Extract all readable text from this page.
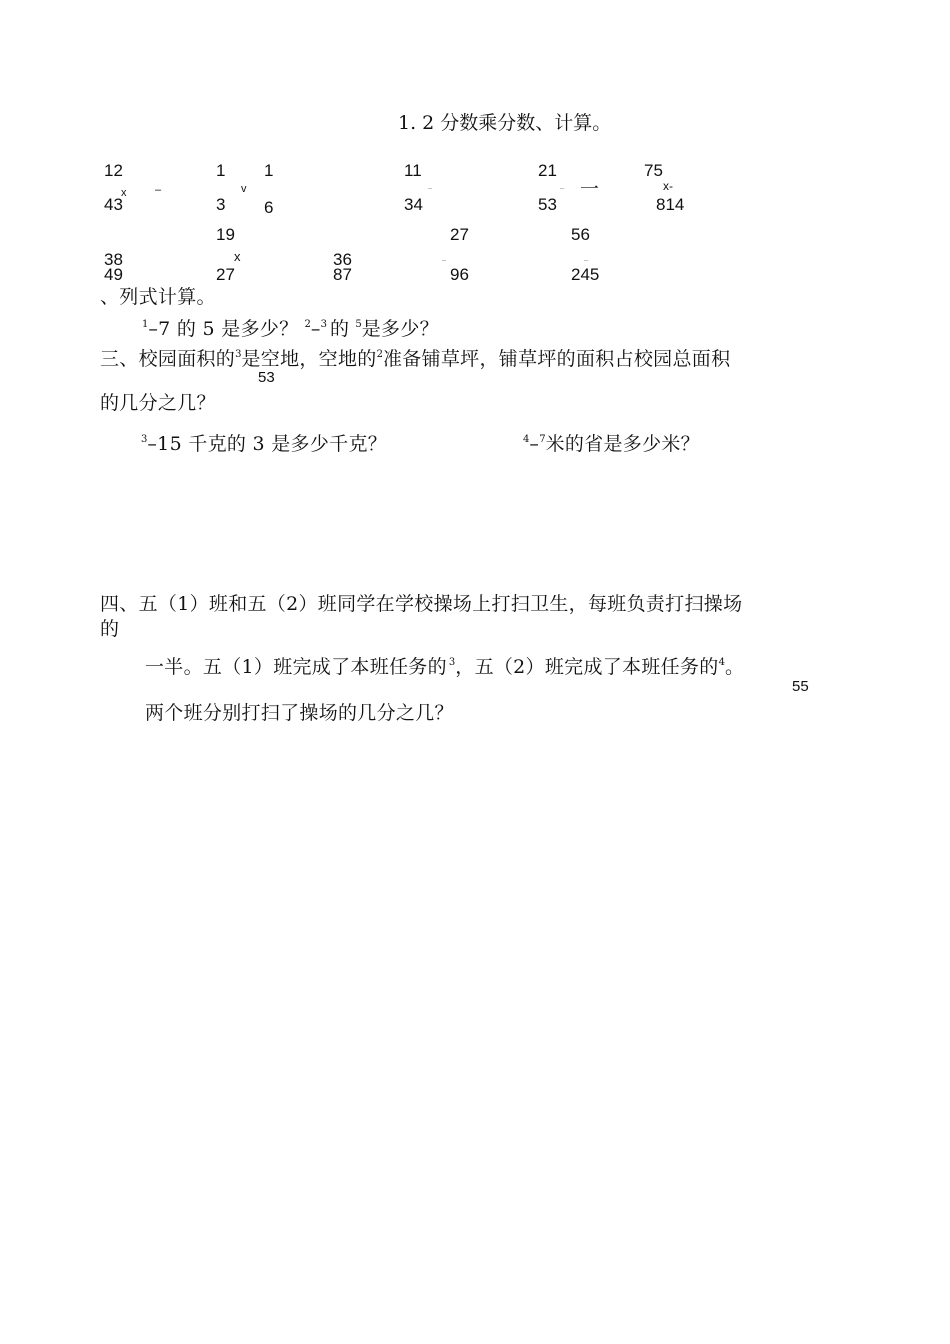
1. 2 分数乘分数、计算。
12
x
43
–
1
3
v
1
6
11
..
34
21
.. 一
53
75
x-
814
38
49
19
x
27
36
87
27
..
96
56
..
245
、列式计算。
$^1$–7 的 5 是多少？ $^2$–$^3$ 的 $^5$是多少？
三、校园面积的$^3$是空地，空地的$^2$准备铺草坪，铺草坪的面积占校园总面积
53
的几分之几？
$^3$–15 千克的 3 是多少千克？	$^4$–$^7$米的省是多少米？
四、五（1）班和五（2）班同学在学校操场上打扫卫生，每班负责打扫操场
的
一半。五（1）班完成了本班任务的 $^3$，五（2）班完成了本班任务的$^4$。
55
两个班分别打扫了操场的几分之几？
